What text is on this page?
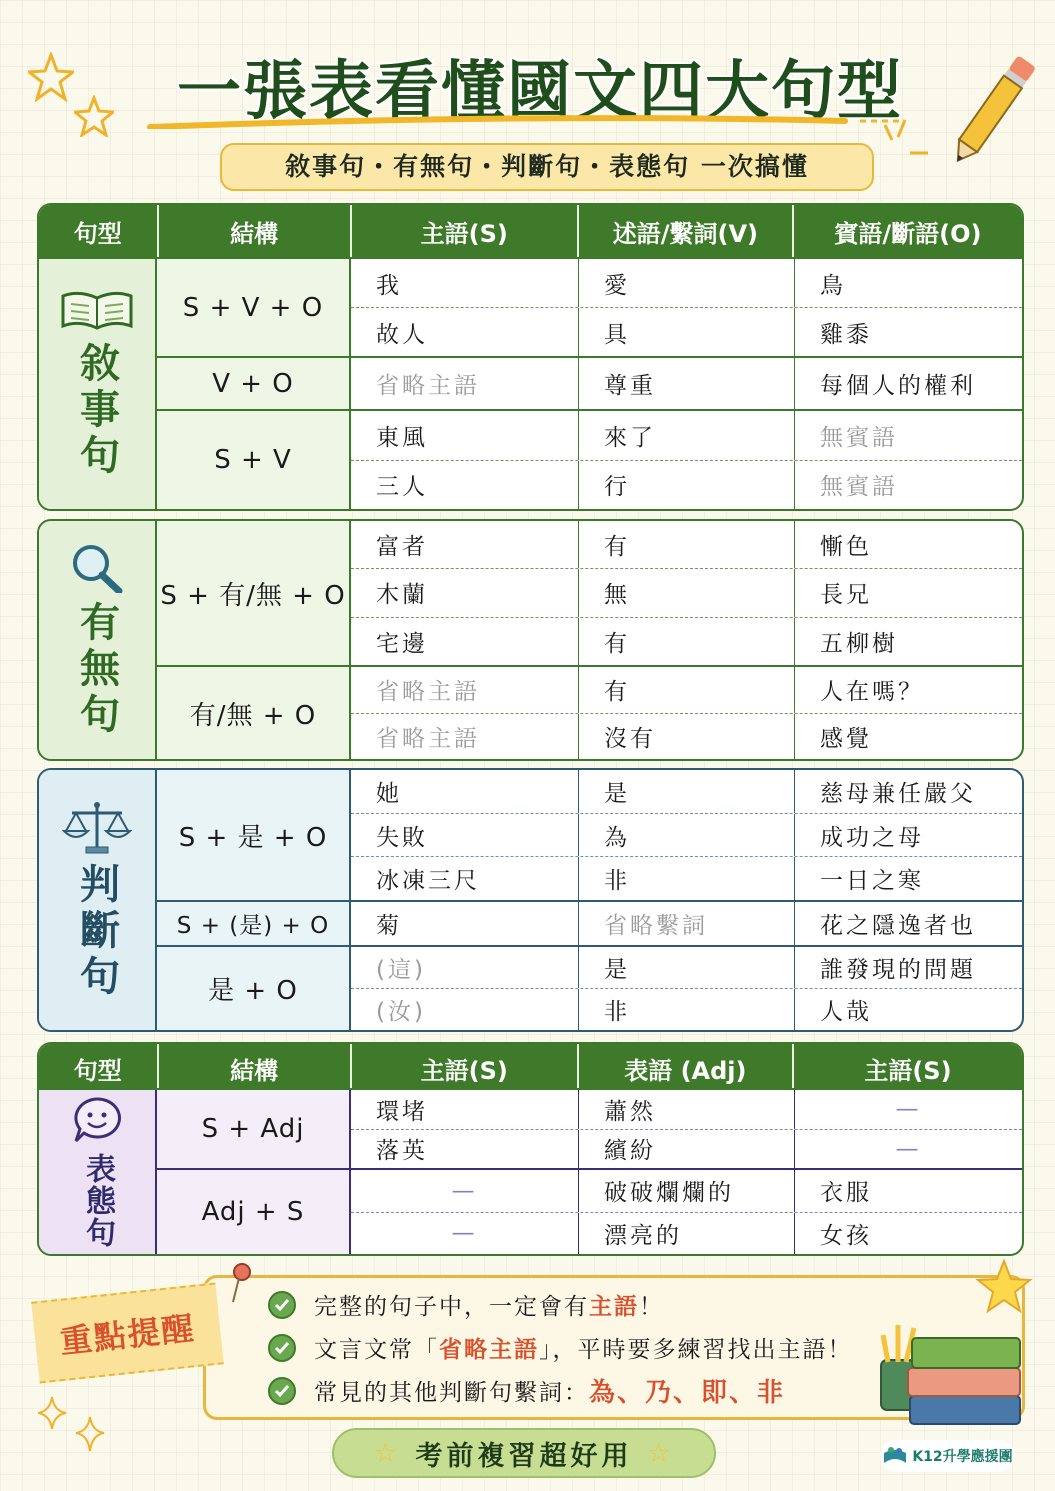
一張表看懂國文四大句型
敘事句・有無句・判斷句・表態句 一次搞懂
句型	結構	主語(S)	述語/繫詞(V)	賓語/斷語(O)
敘事句
S + V + O
我	愛	鳥
故人	具	雞黍
V + O	省略主語	尊重	每個人的權利
S + V
東風	來了	無賓語
三人	行	無賓語
有無句
S + 有/無 + O
富者	有	慚色
木蘭	無	長兄
宅邊	有	五柳樹
有/無 + O
省略主語	有	人在嗎？
省略主語	沒有	感覺
判斷句
S + 是 + O
她	是	慈母兼任嚴父
失敗	為	成功之母
冰凍三尺	非	一日之寒
S + (是) + O	菊	省略繫詞	花之隱逸者也
是 + O
(這)	是	誰發現的問題
(汝)	非	人哉
句型	結構	主語(S)	表語 (Adj)	主語(S)
表態句
S + Adj
環堵	蕭然	—
落英	繽紛	—
Adj + S
—	破破爛爛的	衣服
—	漂亮的	女孩
重點提醒
完整的句子中，一定會有 主語 ！
文言文常「 省略主語 」，平時要多練習找出主語！
常見的其他判斷句繫詞： 為、乃、即、非
☆ 考前複習超好用 ☆	K12升學應援團
